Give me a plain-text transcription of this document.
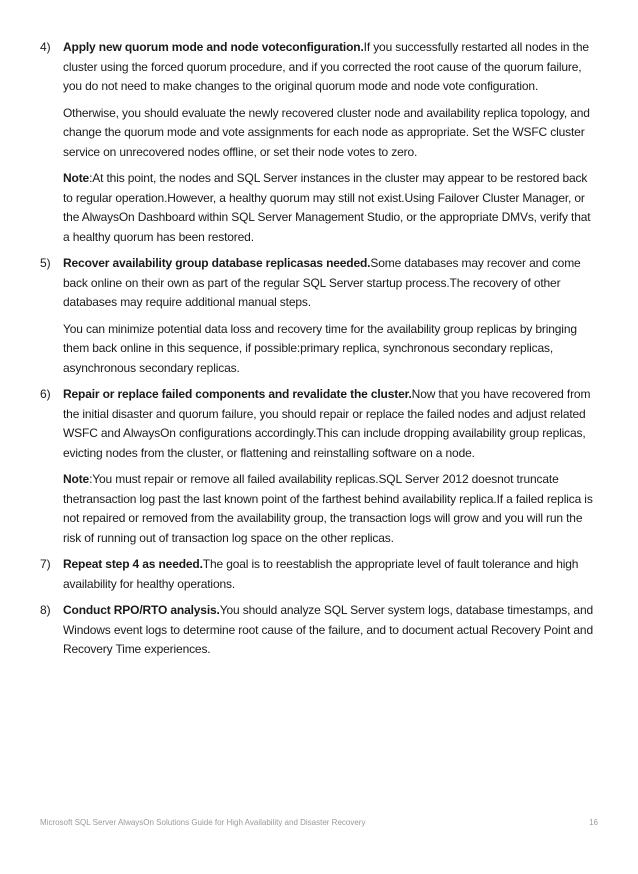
4) Apply new quorum mode and node voteconfiguration.If you successfully restarted all nodes in the cluster using the forced quorum procedure, and if you corrected the root cause of the quorum failure, you do not need to make changes to the original quorum mode and node vote configuration.

Otherwise, you should evaluate the newly recovered cluster node and availability replica topology, and change the quorum mode and vote assignments for each node as appropriate. Set the WSFC cluster service on unrecovered nodes offline, or set their node votes to zero.

Note:At this point, the nodes and SQL Server instances in the cluster may appear to be restored back to regular operation.However, a healthy quorum may still not exist.Using Failover Cluster Manager, or the AlwaysOn Dashboard within SQL Server Management Studio, or the appropriate DMVs, verify that a healthy quorum has been restored.

5) Recover availability group database replicasas needed.Some databases may recover and come back online on their own as part of the regular SQL Server startup process.The recovery of other databases may require additional manual steps.

You can minimize potential data loss and recovery time for the availability group replicas by bringing them back online in this sequence, if possible:primary replica, synchronous secondary replicas, asynchronous secondary replicas.

6) Repair or replace failed components and revalidate the cluster.Now that you have recovered from the initial disaster and quorum failure, you should repair or replace the failed nodes and adjust related WSFC and AlwaysOn configurations accordingly.This can include dropping availability group replicas, evicting nodes from the cluster, or flattening and reinstalling software on a node.

Note:You must repair or remove all failed availability replicas.SQL Server 2012 doesnot truncate thetransaction log past the last known point of the farthest behind availability replica.If a failed replica is not repaired or removed from the availability group, the transaction logs will grow and you will run the risk of running out of transaction log space on the other replicas.

7) Repeat step 4 as needed.The goal is to reestablish the appropriate level of fault tolerance and high availability for healthy operations.

8) Conduct RPO/RTO analysis.You should analyze SQL Server system logs, database timestamps, and Windows event logs to determine root cause of the failure, and to document actual Recovery Point and Recovery Time experiences.

Microsoft SQL Server AlwaysOn Solutions Guide for High Availability and Disaster Recovery	16
